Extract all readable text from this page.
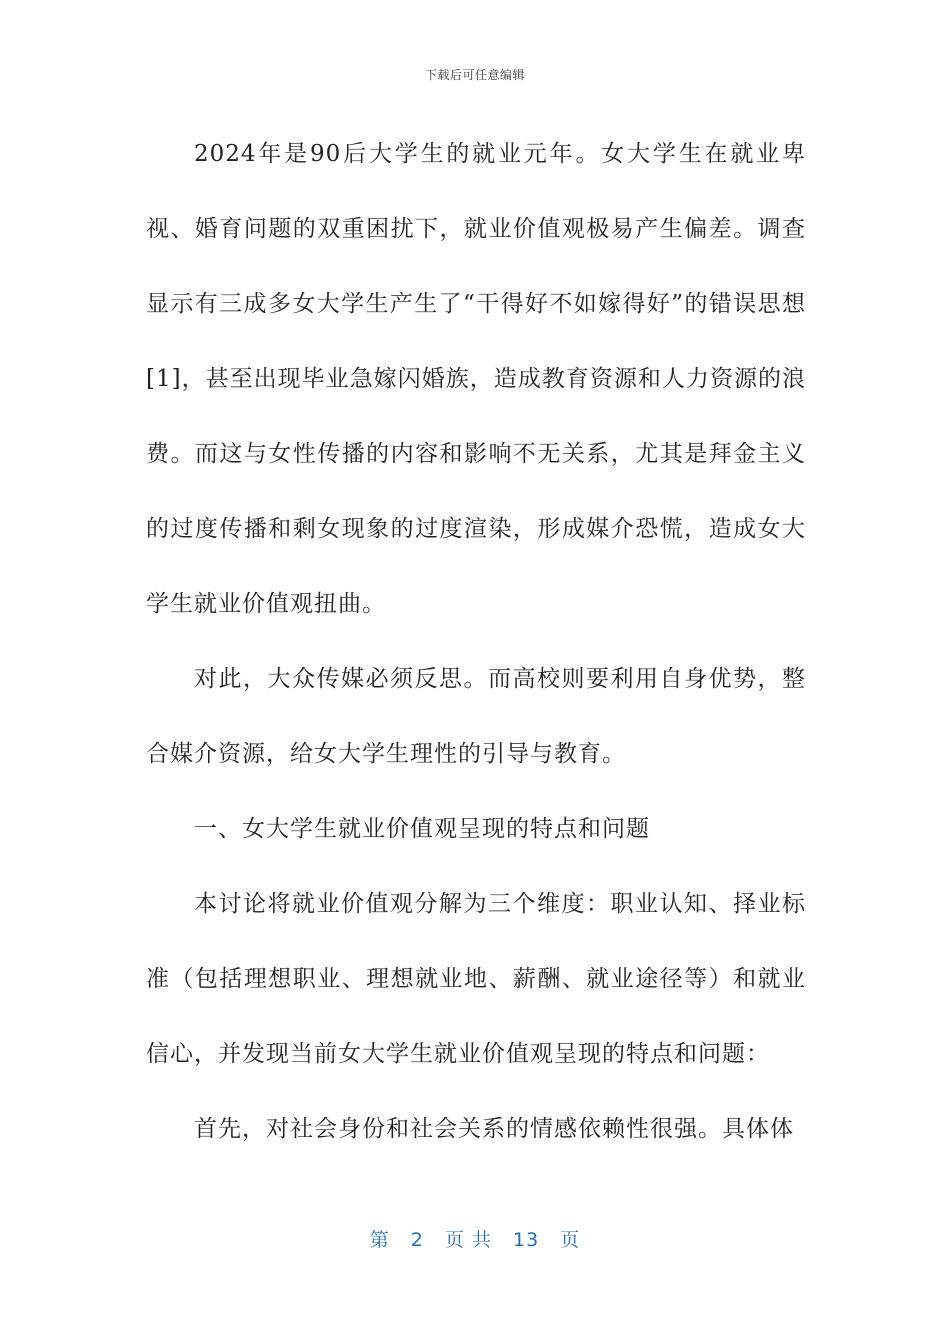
下载后可任意编辑

2024年是90后大学生的就业元年。女大学生在就业卑视、婚育问题的双重困扰下，就业价值观极易产生偏差。调查显示有三成多女大学生产生了“干得好不如嫁得好”的错误思想[1]，甚至出现毕业急嫁闪婚族，造成教育资源和人力资源的浪费。而这与女性传播的内容和影响不无关系，尤其是拜金主义的过度传播和剩女现象的过度渲染，形成媒介恐慌，造成女大学生就业价值观扭曲。

对此，大众传媒必须反思。而高校则要利用自身优势，整合媒介资源，给女大学生理性的引导与教育。

一、女大学生就业价值观呈现的特点和问题

本讨论将就业价值观分解为三个维度：职业认知、择业标准（包括理想职业、理想就业地、薪酬、就业途径等）和就业信心，并发现当前女大学生就业价值观呈现的特点和问题：

首先，对社会身份和社会关系的情感依赖性很强。具体体

第 2 页 共 13 页
